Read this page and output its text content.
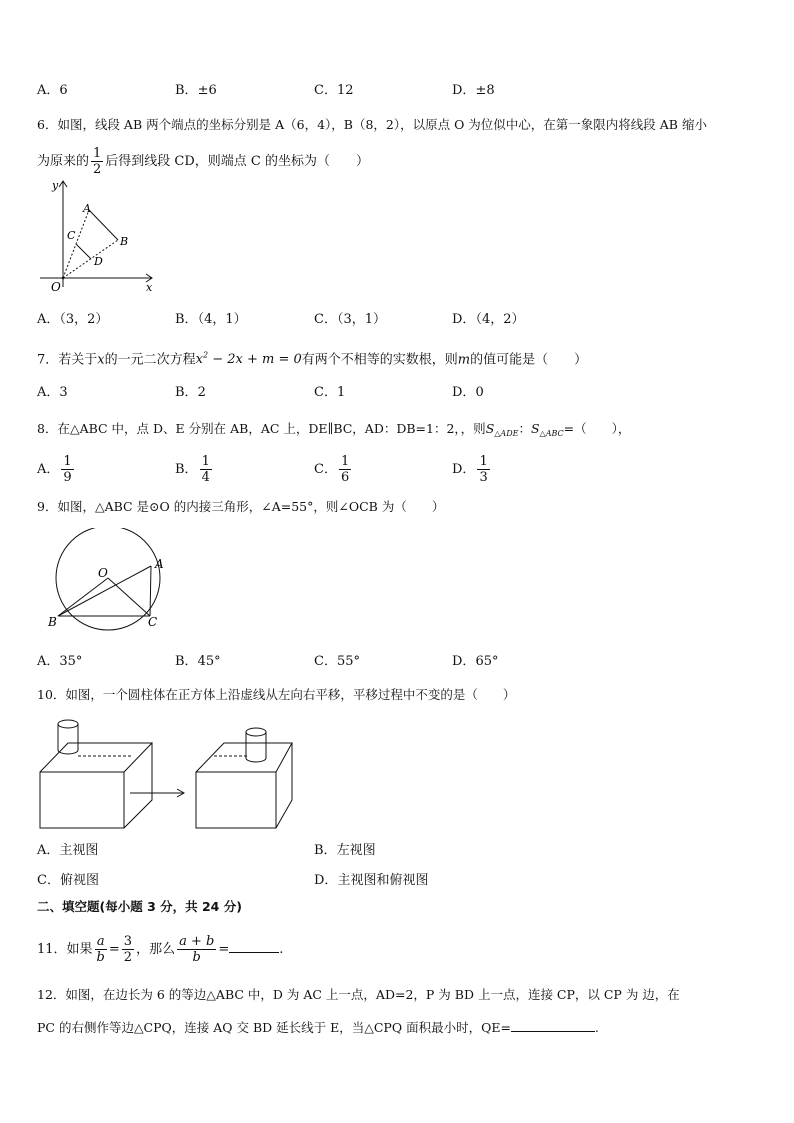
A．6	B．±6	C．12	D．±8
6．如图，线段 AB 两个端点的坐标分别是 A（6，4），B（8，2），以原点 O 为位似中心，在第一象限内将线段 AB 缩小
为原来的 $\frac{1}{2}$ 后得到线段 CD，则端点 C 的坐标为（　　）
y
x
O
A
B
C
D
A．（3，2）	B．（4，1）	C．（3，1）	D．（4，2）
7．若关于x的一元二次方程$x^2 - 2x + m = 0$有两个不相等的实数根，则m的值可能是（　　）
A．3	B．2	C．1	D．0
8．在△ABC 中，点 D、E 分别在 AB，AC 上，DE∥BC，AD：DB=1：2，，则$S_{\triangle ADE}$：$S_{\triangle ABC}=$（　　），
A． $\frac{1}{9}$	B． $\frac{1}{4}$	C． $\frac{1}{6}$	D． $\frac{1}{3}$
9．如图，△ABC 是⊙O 的内接三角形，∠A=55°，则∠OCB 为（　　）
O
A
B	C
A．35°	B．45°	C．55°	D．65°
10．如图，一个圆柱体在正方体上沿虚线从左向右平移，平移过程中不变的是（　　）
A．主视图	B．左视图
C．俯视图	D．主视图和俯视图
二、填空题(每小题 3 分，共 24 分)
11．如果 $\frac{a}{b} = \frac{3}{2}$ ，那么 $\frac{a + b}{b}$ =	.
12．如图，在边长为 6 的等边△ABC 中，D 为 AC 上一点，AD=2，P 为 BD 上一点，连接 CP，以 CP 为 边，在
PC 的右侧作等边△CPQ，连接 AQ 交 BD 延长线于 E，当△CPQ 面积最小时，QE=	.
